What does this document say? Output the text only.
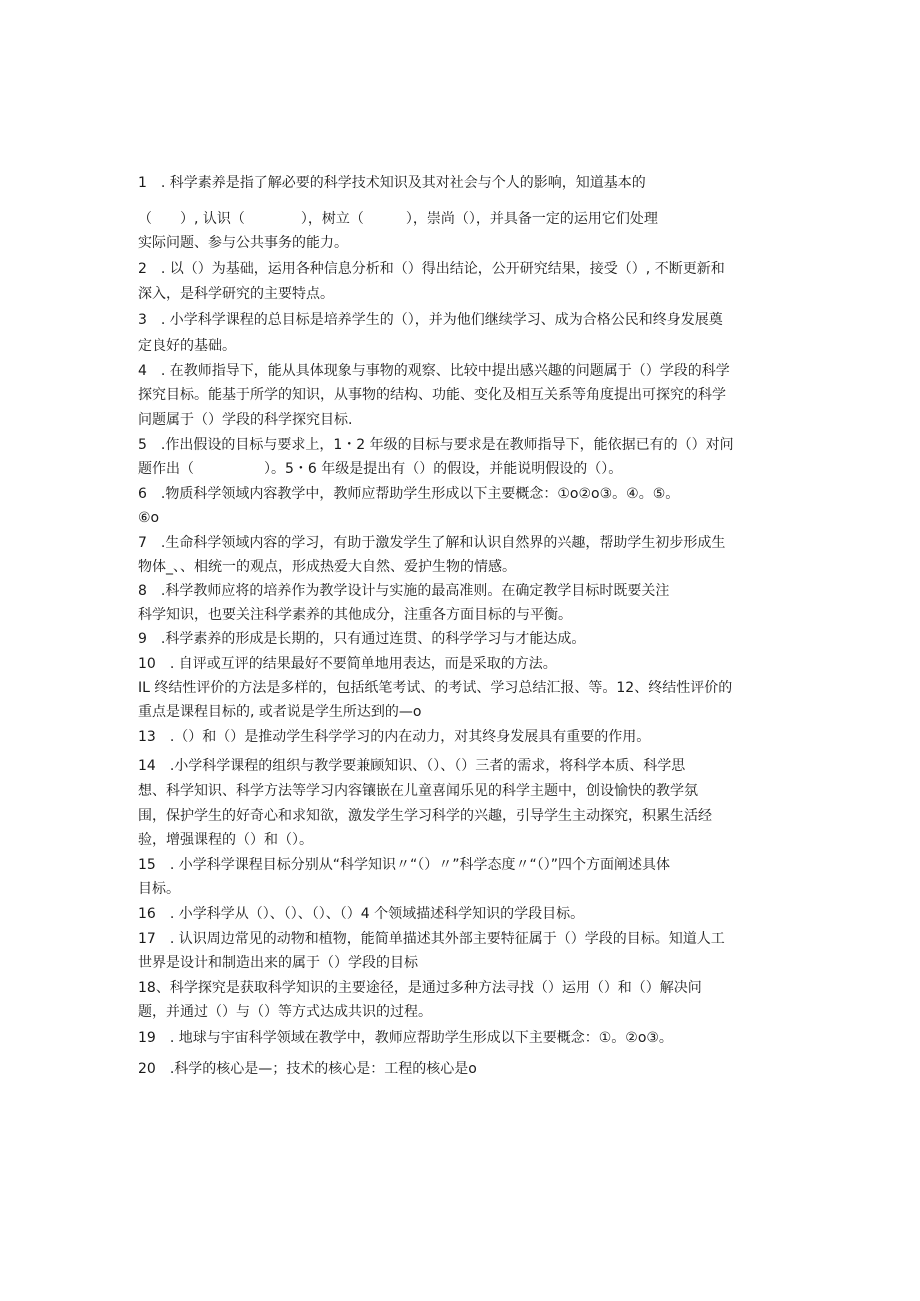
1　. 科学素养是指了解必要的科学技术知识及其对社会与个人的影响，知道基本的
（　　）, 认识（　　　　），树立（　　　），崇尚（），并具备一定的运用它们处理
实际问题、参与公共事务的能力。
2　. 以（）为基础，运用各种信息分析和（）得出结论，公开研究结果，接受（）, 不断更新和
深入，是科学研究的主要特点。
3　. 小学科学课程的总目标是培养学生的（），并为他们继续学习、成为合格公民和终身发展奠
定良好的基础。
4　. 在教师指导下，能从具体现象与事物的观察、比较中提出感兴趣的问题属于（）学段的科学
探究目标。能基于所学的知识，从事物的结构、功能、变化及相互关系等角度提出可探究的科学
问题属于（）学段的科学探究目标.
5　.作出假设的目标与要求上，1・2 年级的目标与要求是在教师指导下，能依据已有的（）对问
题作出（　　　　　）。5・6 年级是提出有（）的假设，并能说明假设的（）。
6　.物质科学领域内容教学中，教师应帮助学生形成以下主要概念：①o②o③。④。⑤。
⑥o
7　.生命科学领域内容的学习，有助于激发学生了解和认识自然界的兴趣，帮助学生初步形成生
物体_、、相统一的观点，形成热爱大自然、爱护生物的情感。
8　.科学教师应将的培养作为教学设计与实施的最高准则。在确定教学目标时既要关注
科学知识，也要关注科学素养的其他成分，注重各方面目标的与平衡。
9　.科学素养的形成是长期的，只有通过连贯、的科学学习与才能达成。
10　. 自评或互评的结果最好不要简单地用表达，而是采取的方法。
IL 终结性评价的方法是多样的，包括纸笔考试、的考试、学习总结汇报、等。12、终结性评价的
重点是课程目标的, 或者说是学生所达到的—o
13　.（）和（）是推动学生科学学习的内在动力，对其终身发展具有重要的作用。
14　.小学科学课程的组织与教学要兼顾知识、（）、（）三者的需求，将科学本质、科学思
想、科学知识、科学方法等学习内容镶嵌在儿童喜闻乐见的科学主题中，创设愉快的教学氛
围，保护学生的好奇心和求知欲，激发学生学习科学的兴趣，引导学生主动探究，积累生活经
验，增强课程的（）和（）。
15　. 小学科学课程目标分别从“科学知识〃“（）〃”科学态度〃“（）”四个方面阐述具体
目标。
16　. 小学科学从（）、（）、（）、（）4 个领域描述科学知识的学段目标。
17　. 认识周边常见的动物和植物，能简单描述其外部主要特征属于（）学段的目标。知道人工
世界是设计和制造出来的属于（）学段的目标
18、科学探究是获取科学知识的主要途径，是通过多种方法寻找（）运用（）和（）解决问
题，并通过（）与（）等方式达成共识的过程。
19　. 地球与宇宙科学领域在教学中，教师应帮助学生形成以下主要概念：①。②o③。
20　.科学的核心是—；技术的核心是：工程的核心是o
